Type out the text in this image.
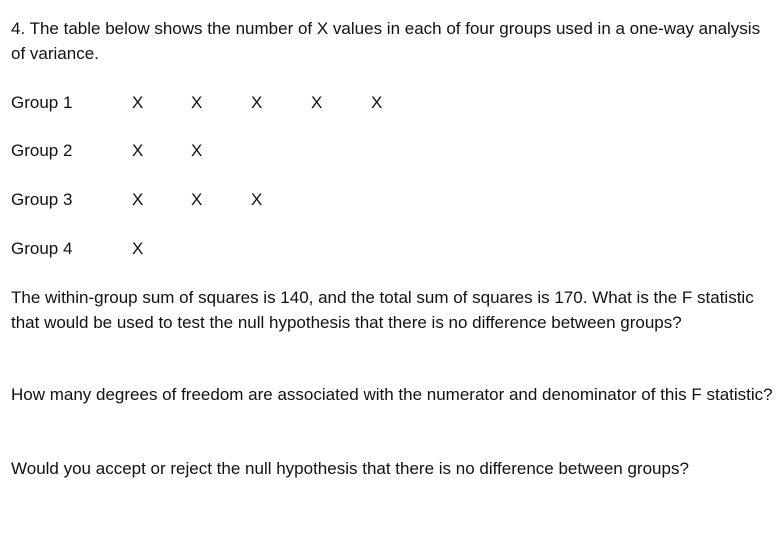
4. The table below shows the number of X values in each of four groups used in a one-way analysis of variance.

Group 1	X	X	X	X	X
Group 2	X	X
Group 3	X	X	X
Group 4	X

The within-group sum of squares is 140, and the total sum of squares is 170. What is the F statistic that would be used to test the null hypothesis that there is no difference between groups?

How many degrees of freedom are associated with the numerator and denominator of this F statistic?

Would you accept or reject the null hypothesis that there is no difference between groups?
